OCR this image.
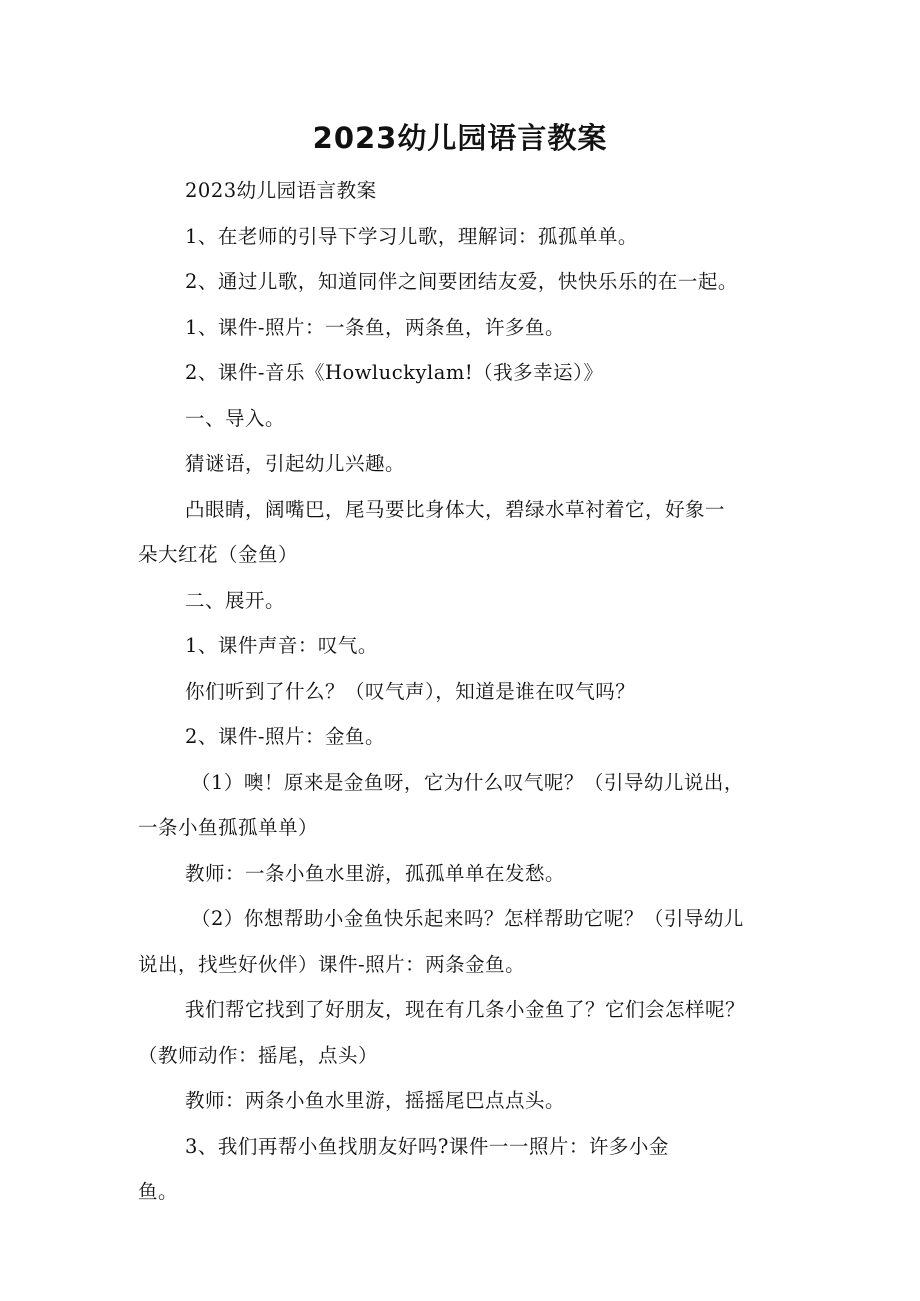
2023幼儿园语言教案

2023幼儿园语言教案

1、在老师的引导下学习儿歌，理解词：孤孤单单。

2、通过儿歌，知道同伴之间要团结友爱，快快乐乐的在一起。

1、课件-照片：一条鱼，两条鱼，许多鱼。

2、课件-音乐《Howluckylam!（我多幸运）》

一、导入。

猜谜语，引起幼儿兴趣。

凸眼睛，阔嘴巴，尾马要比身体大，碧绿水草衬着它，好象一
朵大红花（金鱼）

二、展开。

1、课件声音：叹气。

你们听到了什么？（叹气声），知道是谁在叹气吗？

2、课件-照片：金鱼。

（1）噢！原来是金鱼呀，它为什么叹气呢？（引导幼儿说出，
一条小鱼孤孤单单）

教师：一条小鱼水里游，孤孤单单在发愁。

（2）你想帮助小金鱼快乐起来吗？怎样帮助它呢？（引导幼儿
说出，找些好伙伴）课件-照片：两条金鱼。

我们帮它找到了好朋友，现在有几条小金鱼了？它们会怎样呢？
（教师动作：摇尾，点头）

教师：两条小鱼水里游，摇摇尾巴点点头。

3、我们再帮小鱼找朋友好吗?课件一一照片：许多小金
鱼。
